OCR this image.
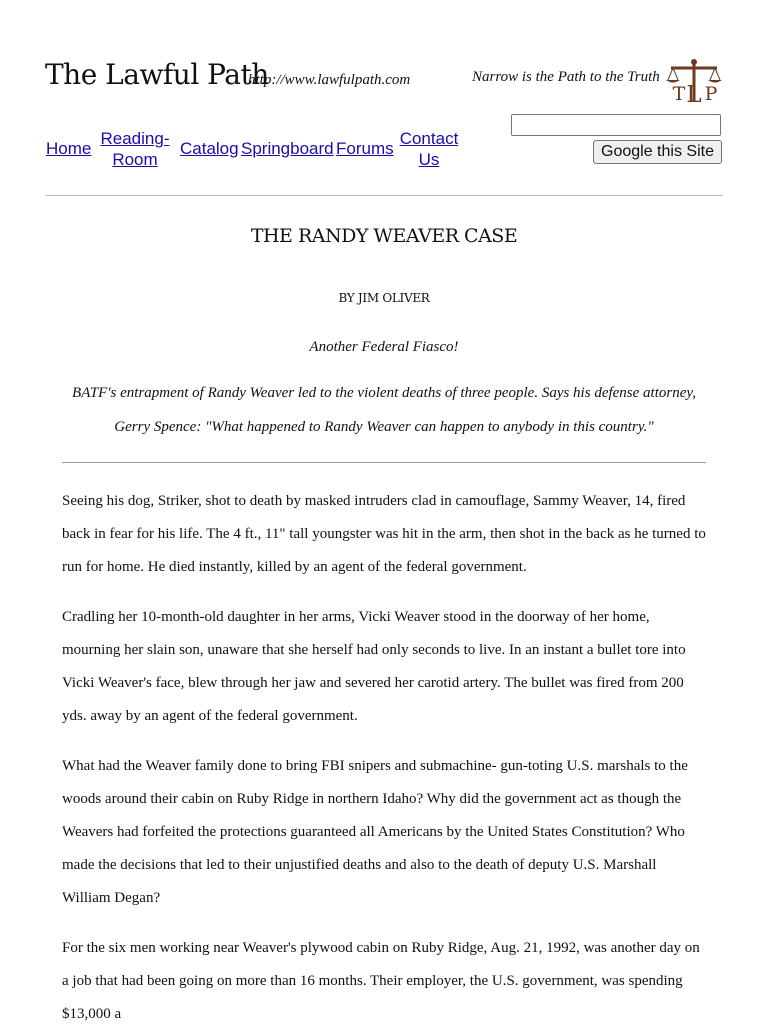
The Lawful Path
http://www.lawfulpath.com	Narrow is the Path to the Truth
T L P
Home
Reading-Room
Catalog Springboard Forums
Contact Us	Google this Site
THE RANDY WEAVER CASE
BY JIM OLIVER
Another Federal Fiasco!
BATF's entrapment of Randy Weaver led to the violent deaths of three people. Says his defense attorney, Gerry Spence: "What happened to Randy Weaver can happen to anybody in this country."

Seeing his dog, Striker, shot to death by masked intruders clad in camouflage, Sammy Weaver, 14, fired back in fear for his life. The 4 ft., 11" tall youngster was hit in the arm, then shot in the back as he turned to run for home. He died instantly, killed by an agent of the federal government.

Cradling her 10-month-old daughter in her arms, Vicki Weaver stood in the doorway of her home, mourning her slain son, unaware that she herself had only seconds to live. In an instant a bullet tore into Vicki Weaver's face, blew through her jaw and severed her carotid artery. The bullet was fired from 200 yds. away by an agent of the federal government.

What had the Weaver family done to bring FBI snipers and submachine- gun-toting U.S. marshals to the woods around their cabin on Ruby Ridge in northern Idaho? Why did the government act as though the Weavers had forfeited the protections guaranteed all Americans by the United States Constitution? Who made the decisions that led to their unjustified deaths and also to the death of deputy U.S. Marshall William Degan?

For the six men working near Weaver's plywood cabin on Ruby Ridge, Aug. 21, 1992, was another day on a job that had been going on more than 16 months. Their employer, the U.S. government, was spending $13,000 a
